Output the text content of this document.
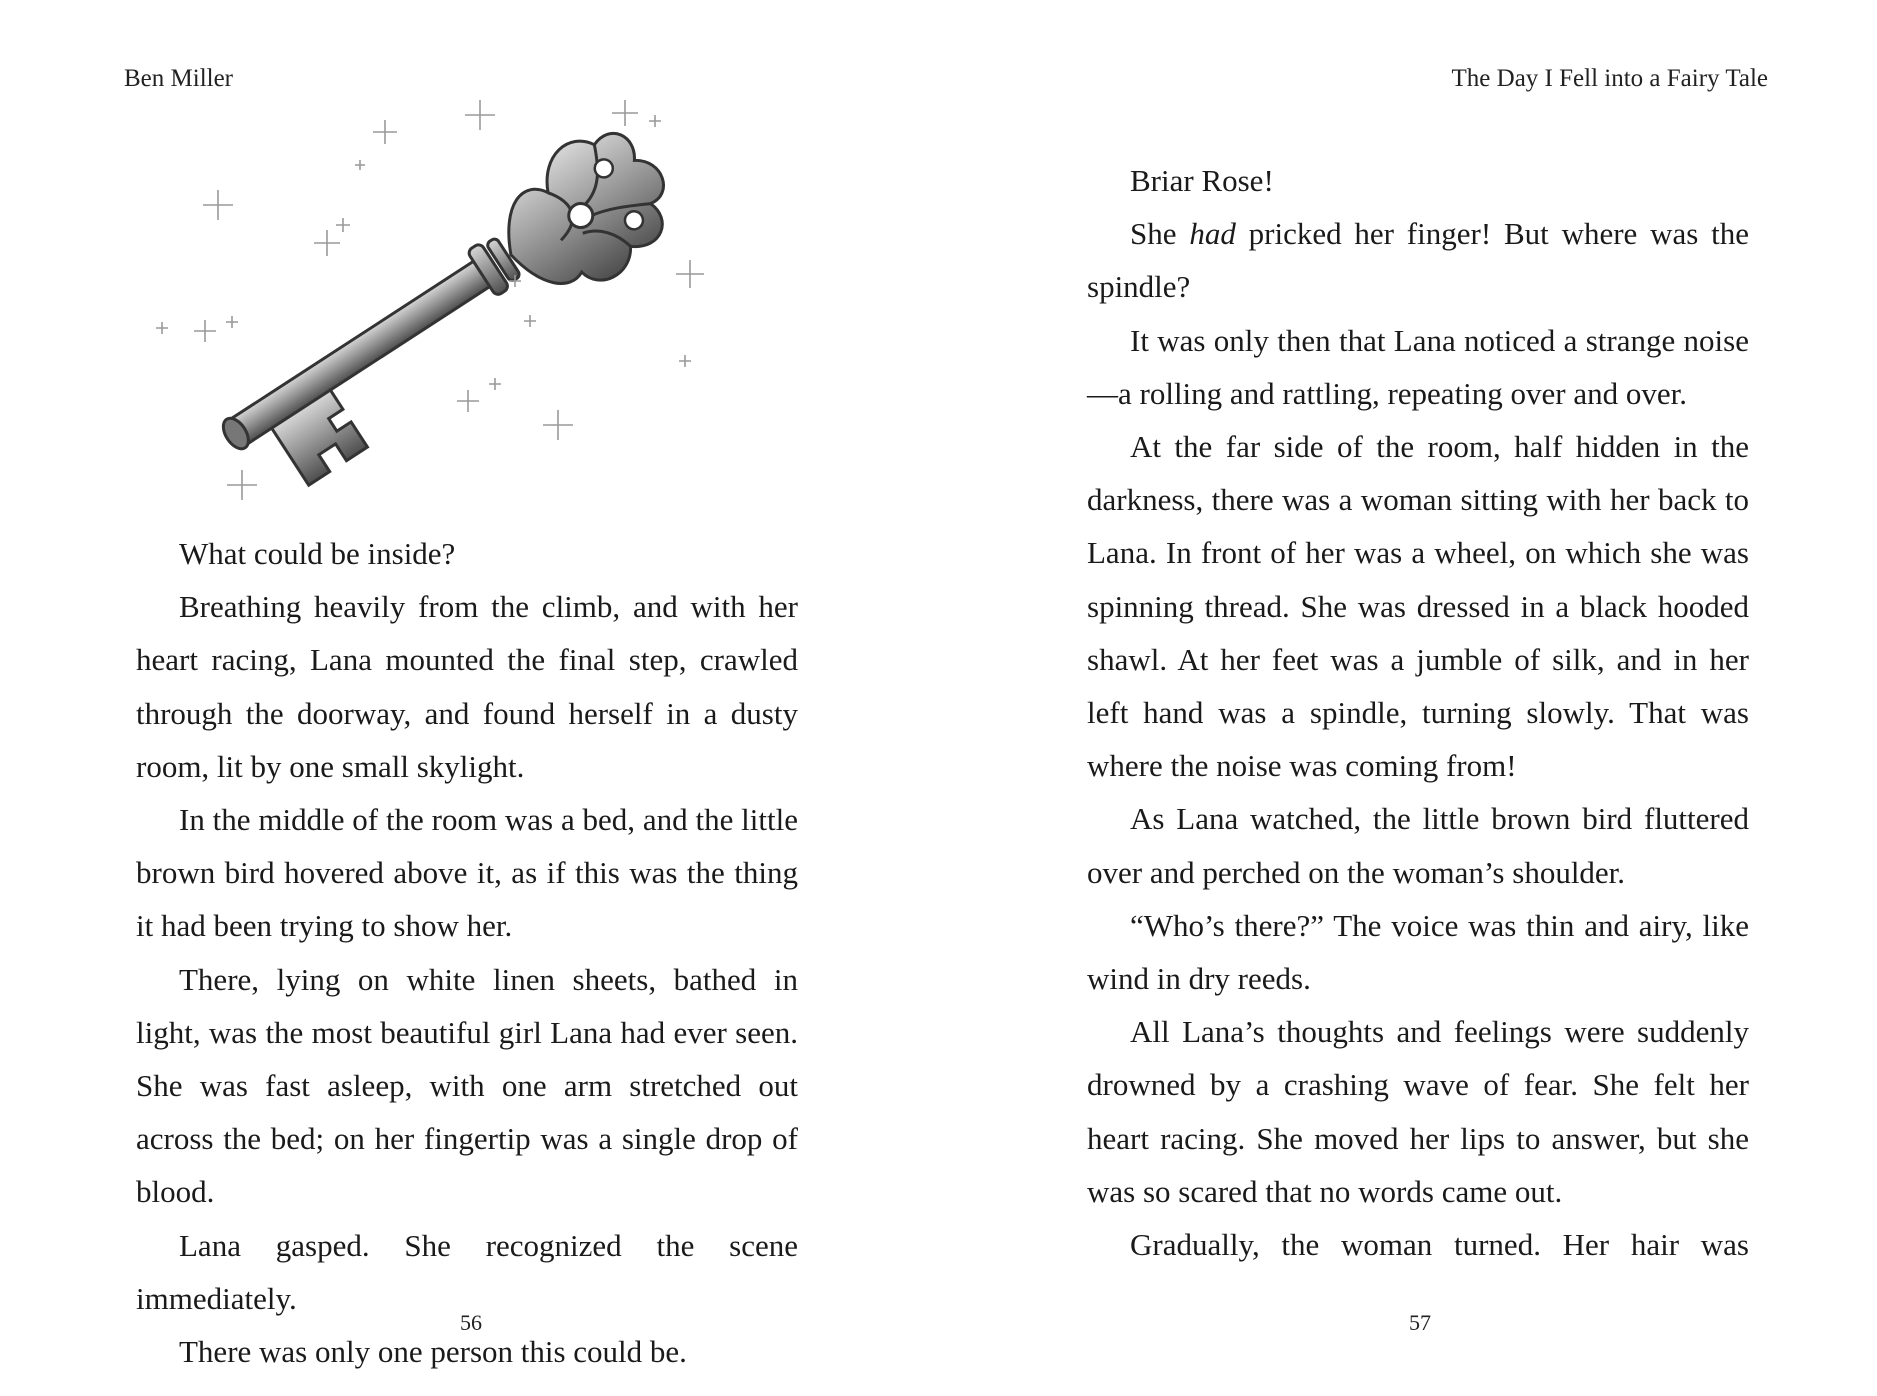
Ben Miller

What could be inside?

Breathing heavily from the climb, and with her heart racing, Lana mounted the final step, crawled through the doorway, and found herself in a dusty room, lit by one small skylight.

In the middle of the room was a bed, and the little brown bird hovered above it, as if this was the thing it had been trying to show her.

There, lying on white linen sheets, bathed in light, was the most beautiful girl Lana had ever seen. She was fast asleep, with one arm stretched out across the bed; on her fingertip was a single drop of blood.

Lana gasped. She recognized the scene immediately.

There was only one person this could be.

56
The Day I Fell into a Fairy Tale

Briar Rose!

She had pricked her finger! But where was the spindle?

It was only then that Lana noticed a strange noise—a rolling and rattling, repeating over and over.

At the far side of the room, half hidden in the darkness, there was a woman sitting with her back to Lana. In front of her was a wheel, on which she was spinning thread. She was dressed in a black hooded shawl. At her feet was a jumble of silk, and in her left hand was a spindle, turning slowly. That was where the noise was coming from!

As Lana watched, the little brown bird fluttered over and perched on the woman’s shoulder.

“Who’s there?” The voice was thin and airy, like wind in dry reeds.

All Lana’s thoughts and feelings were suddenly drowned by a crashing wave of fear. She felt her heart racing. She moved her lips to answer, but she was so scared that no words came out.

Gradually, the woman turned. Her hair was

57
